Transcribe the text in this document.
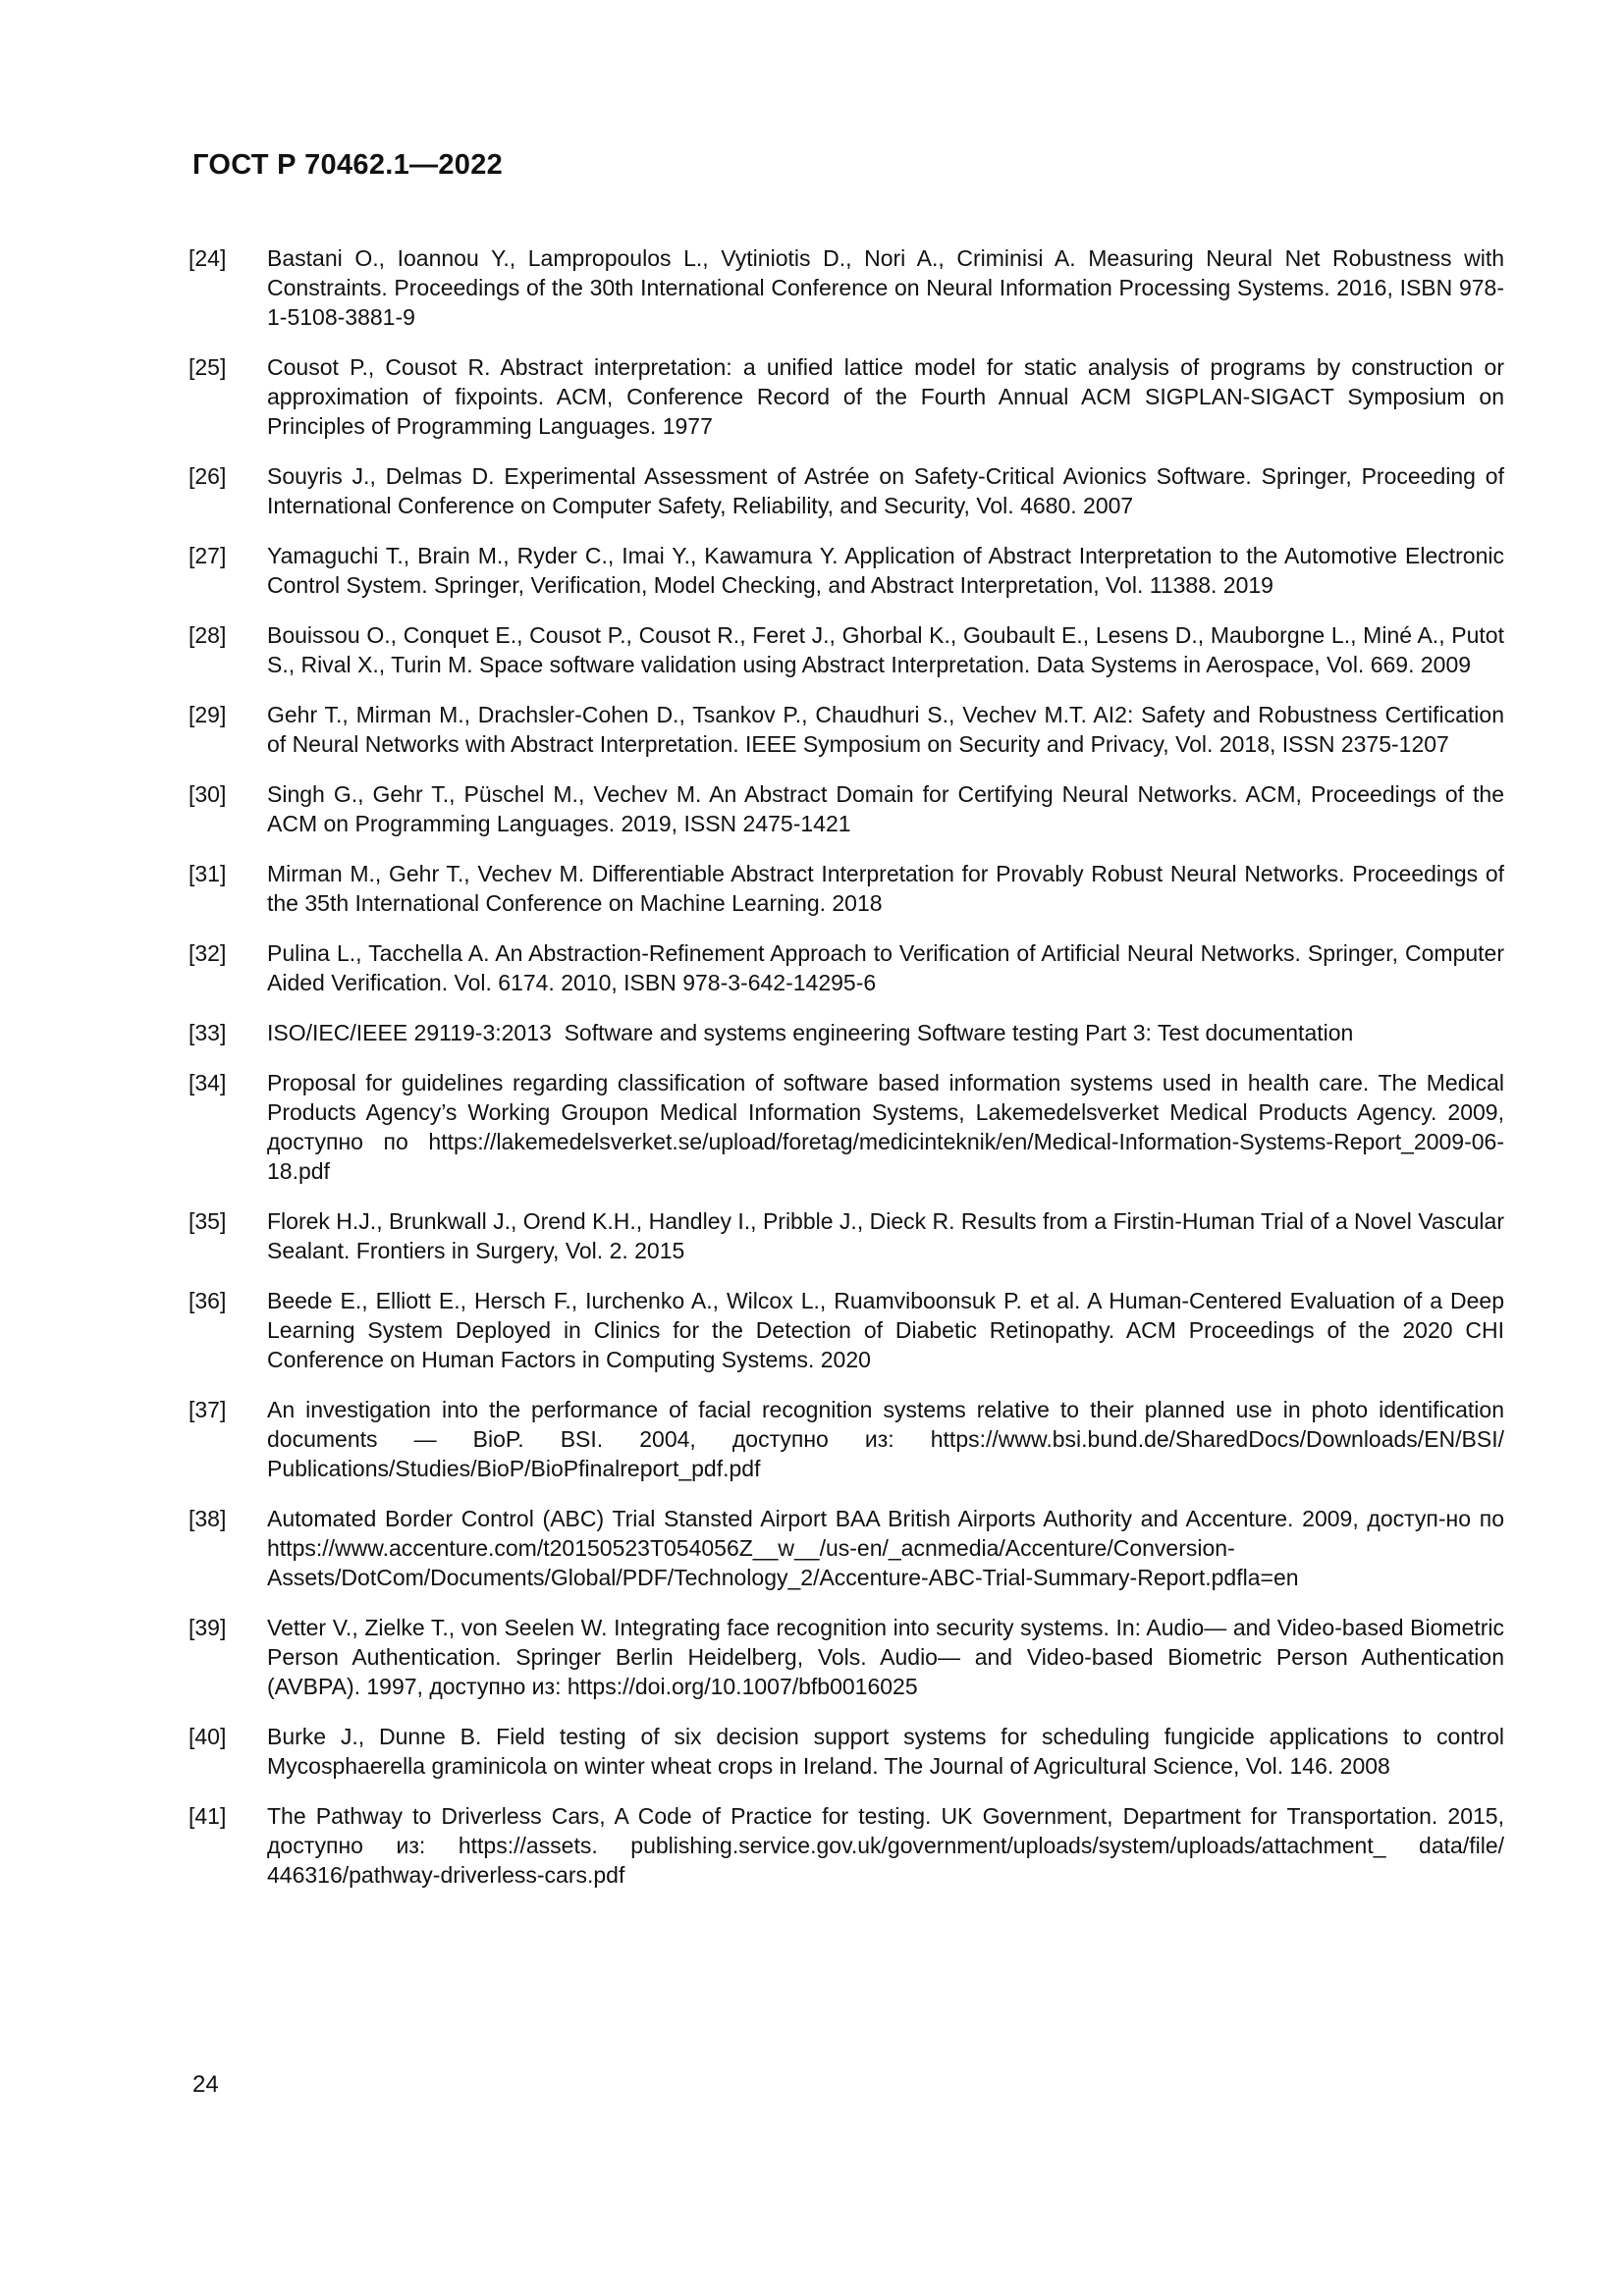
ГОСТ Р 70462.1—2022
[24]	Bastani O., Ioannou Y., Lampropoulos L., Vytiniotis D., Nori A., Criminisi A. Measuring Neural Net Robustness with Constraints. Proceedings of the 30th International Conference on Neural Information Processing Systems. 2016, ISBN 978-1-5108-3881-9
[25]	Cousot P., Cousot R. Abstract interpretation: a unified lattice model for static analysis of programs by construction or approximation of fixpoints. ACM, Conference Record of the Fourth Annual ACM SIGPLAN-SIGACT Symposium on Principles of Programming Languages. 1977
[26]	Souyris J., Delmas D. Experimental Assessment of Astrée on Safety-Critical Avionics Software. Springer, Proceeding of International Conference on Computer Safety, Reliability, and Security, Vol. 4680. 2007
[27]	Yamaguchi T., Brain M., Ryder C., Imai Y., Kawamura Y. Application of Abstract Interpretation to the Automotive Electronic Control System. Springer, Verification, Model Checking, and Abstract Interpretation, Vol. 11388. 2019
[28]	Bouissou O., Conquet E., Cousot P., Cousot R., Feret J., Ghorbal K., Goubault E., Lesens D., Mauborgne L., Miné A., Putot S., Rival X., Turin M. Space software validation using Abstract Interpretation. Data Systems in Aerospace, Vol. 669. 2009
[29]	Gehr T., Mirman M., Drachsler-Cohen D., Tsankov P., Chaudhuri S., Vechev M.T. AI2: Safety and Robustness Certification of Neural Networks with Abstract Interpretation. IEEE Symposium on Security and Privacy, Vol. 2018, ISSN 2375-1207
[30]	Singh G., Gehr T., Püschel M., Vechev M. An Abstract Domain for Certifying Neural Networks. ACM, Proceedings of the ACM on Programming Languages. 2019, ISSN 2475-1421
[31]	Mirman M., Gehr T., Vechev M. Differentiable Abstract Interpretation for Provably Robust Neural Networks. Proceedings of the 35th International Conference on Machine Learning. 2018
[32]	Pulina L., Tacchella A. An Abstraction-Refinement Approach to Verification of Artificial Neural Networks. Springer, Computer Aided Verification. Vol. 6174. 2010, ISBN 978-3-642-14295-6
[33]	ISO/IEC/IEEE 29119-3:2013  Software and systems engineering Software testing Part 3: Test documentation
[34]	Proposal for guidelines regarding classification of software based information systems used in health care. The Medical Products Agency’s Working Groupon Medical Information Systems, Lakemedelsverket Medical Products Agency. 2009, доступно по https://lakemedelsverket.se/upload/foretag/medicinteknik/en/Medical-Information-Systems-Report_2009-06-18.pdf
[35]	Florek H.J., Brunkwall J., Orend K.H., Handley I., Pribble J., Dieck R. Results from a Firstin-Human Trial of a Novel Vascular Sealant. Frontiers in Surgery, Vol. 2. 2015
[36]	Beede E., Elliott E., Hersch F., Iurchenko A., Wilcox L., Ruamviboonsuk P. et al. A Human-Centered Evaluation of a Deep Learning System Deployed in Clinics for the Detection of Diabetic Retinopathy. ACM Proceedings of the 2020 CHI Conference on Human Factors in Computing Systems. 2020
[37]	An investigation into the performance of facial recognition systems relative to their planned use in photo identification documents — BioP. BSI. 2004, доступно из: https://www.bsi.bund.de/SharedDocs/Downloads/EN/BSI/ Publications/Studies/BioP/BioPfinalreport_pdf.pdf
[38]	Automated Border Control (ABC) Trial Stansted Airport BAA British Airports Authority and Accenture. 2009, доступ-но по https://www.accenture.com/t20150523T054056Z__w__/us-en/_acnmedia/Accenture/Conversion-Assets/DotCom/Documents/Global/PDF/Technology_2/Accenture-ABC-Trial-Summary-Report.pdfla=en
[39]	Vetter V., Zielke T., von Seelen W. Integrating face recognition into security systems. In: Audio— and Video-based Biometric Person Authentication. Springer Berlin Heidelberg, Vols. Audio— and Video-based Biometric Person Authentication (AVBPA). 1997, доступно из: https://doi.org/10.1007/bfb0016025
[40]	Burke J., Dunne B. Field testing of six decision support systems for scheduling fungicide applications to control Mycosphaerella graminicola on winter wheat crops in Ireland. The Journal of Agricultural Science, Vol. 146. 2008
[41]	The Pathway to Driverless Cars, A Code of Practice for testing. UK Government, Department for Transportation. 2015, доступно из: https://assets. publishing.service.gov.uk/government/uploads/system/uploads/attachment_ data/file/ 446316/pathway-driverless-cars.pdf
24
